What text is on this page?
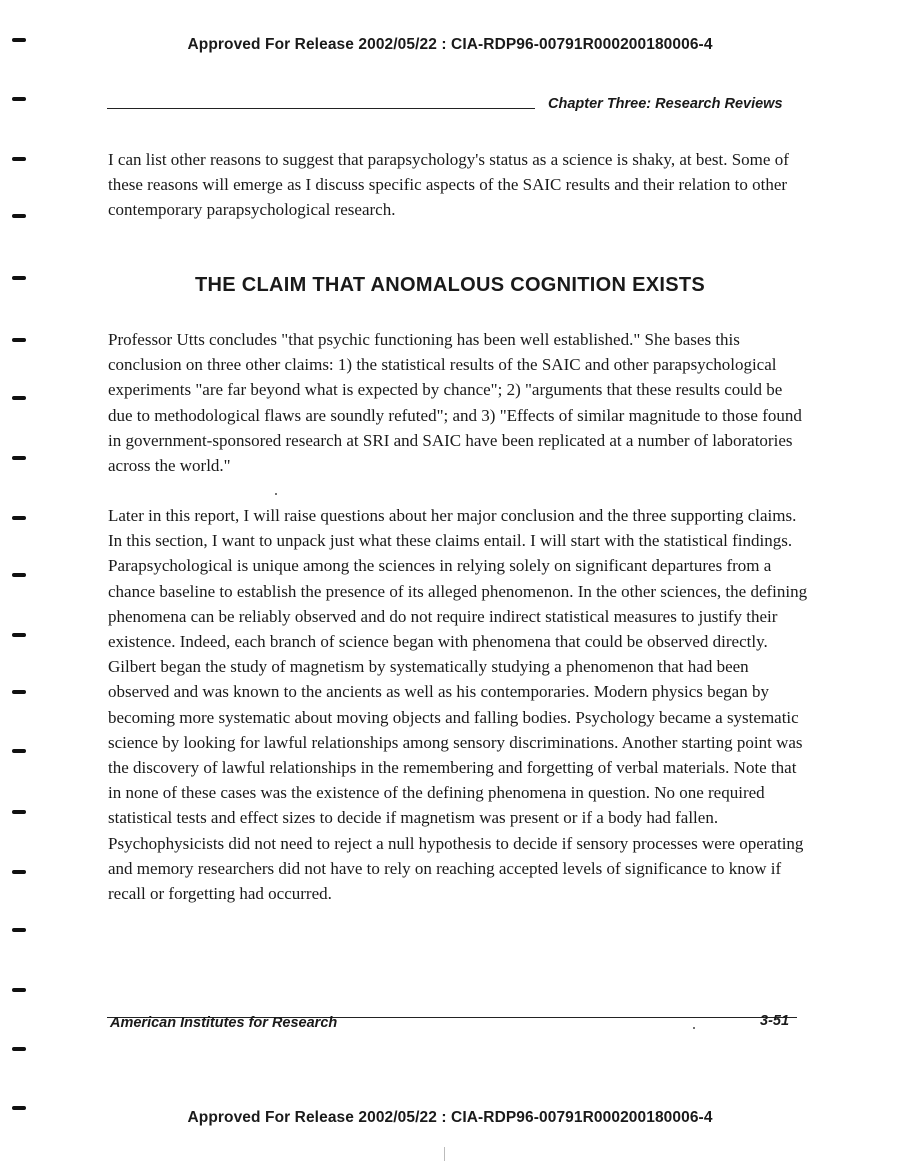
Approved For Release 2002/05/22 : CIA-RDP96-00791R000200180006-4
Chapter Three: Research Reviews

I can list other reasons to suggest that parapsychology's status as a science is shaky, at best. Some of these reasons will emerge as I discuss specific aspects of the SAIC results and their relation to other contemporary parapsychological research.

THE CLAIM THAT ANOMALOUS COGNITION EXISTS

Professor Utts concludes "that psychic functioning has been well established." She bases this conclusion on three other claims: 1) the statistical results of the SAIC and other parapsychological experiments "are far beyond what is expected by chance"; 2) "arguments that these results could be due to methodological flaws are soundly refuted"; and 3) "Effects of similar magnitude to those found in government-sponsored research at SRI and SAIC have been replicated at a number of laboratories across the world."

Later in this report, I will raise questions about her major conclusion and the three supporting claims. In this section, I want to unpack just what these claims entail. I will start with the statistical findings. Parapsychological is unique among the sciences in relying solely on significant departures from a chance baseline to establish the presence of its alleged phenomenon. In the other sciences, the defining phenomena can be reliably observed and do not require indirect statistical measures to justify their existence. Indeed, each branch of science began with phenomena that could be observed directly. Gilbert began the study of magnetism by systematically studying a phenomenon that had been observed and was known to the ancients as well as his contemporaries. Modern physics began by becoming more systematic about moving objects and falling bodies. Psychology became a systematic science by looking for lawful relationships among sensory discriminations. Another starting point was the discovery of lawful relationships in the remembering and forgetting of verbal materials. Note that in none of these cases was the existence of the defining phenomena in question. No one required statistical tests and effect sizes to decide if magnetism was present or if a body had fallen. Psychophysicists did not need to reject a null hypothesis to decide if sensory processes were operating and memory researchers did not have to rely on reaching accepted levels of significance to know if recall or forgetting had occurred.

American Institutes for Research	3-51
Approved For Release 2002/05/22 : CIA-RDP96-00791R000200180006-4
